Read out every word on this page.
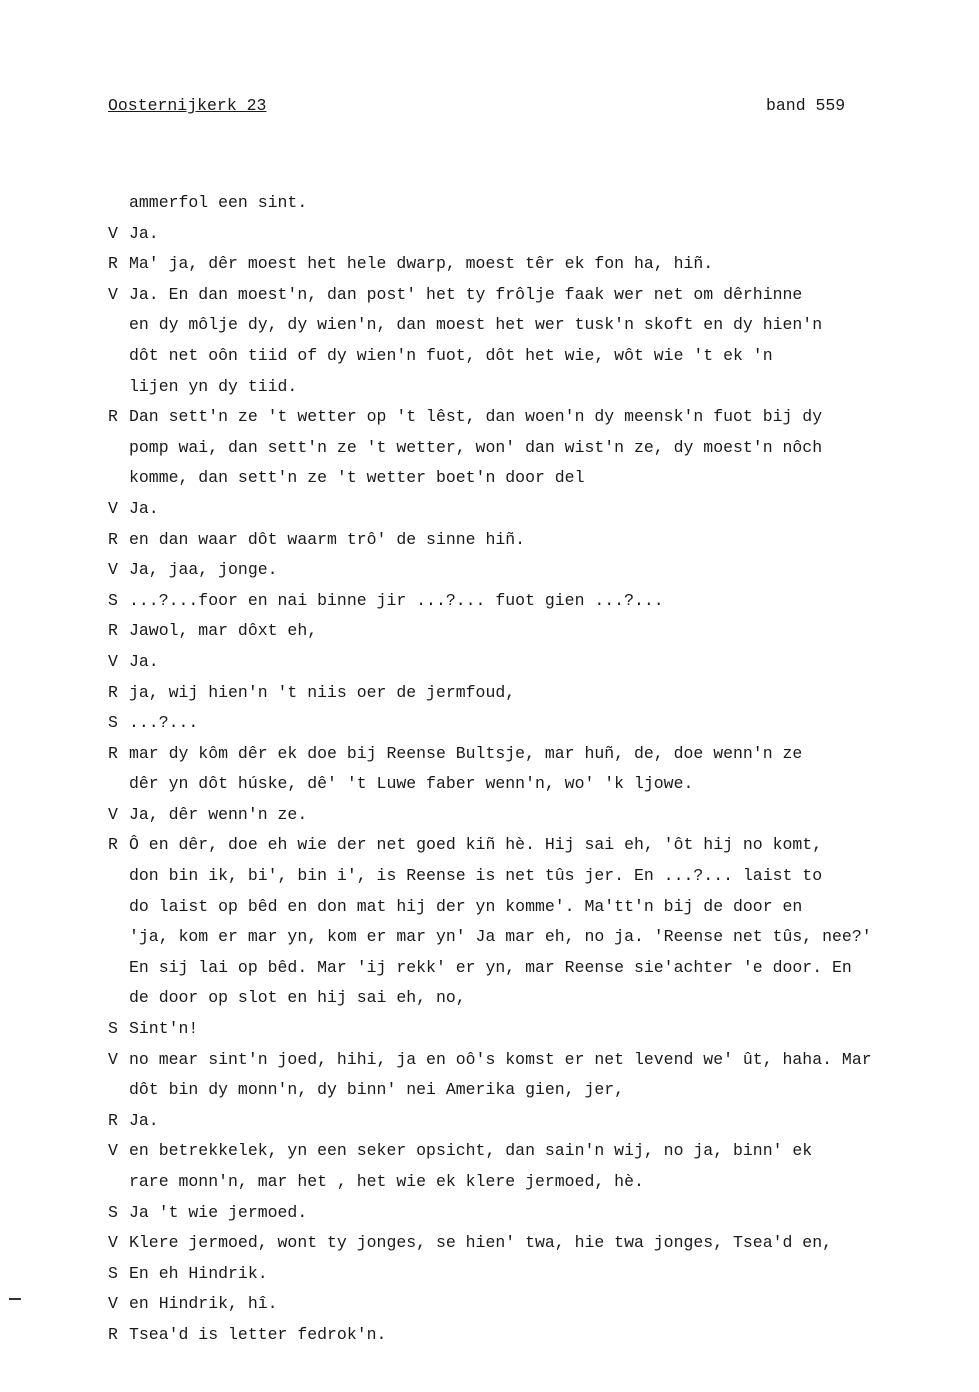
Oosternijkerk 23	band 559
ammerfol een sint.
V Ja.
R Ma' ja, dêr moest het hele dwarp, moest têr ek fon ha, hiñ.
V Ja. En dan moest'n, dan post' het ty frôlje faak wer net om dêrhinne
en dy môlje dy, dy wien'n, dan moest het wer tusk'n skoft en dy hien'n
dôt net oôn tiid of dy wien'n fuot, dôt het wie, wôt wie 't ek 'n
lijen yn dy tiid.
R Dan sett'n ze 't wetter op 't lêst, dan woen'n dy meensk'n fuot bij dy
pomp wai, dan sett'n ze 't wetter, won' dan wist'n ze, dy moest'n nôch
komme, dan sett'n ze 't wetter boet'n door del
V Ja.
R en dan waar dôt waarm trô' de sinne hiñ.
V Ja, jaa, jonge.
S ...?...foor en nai binne jir ...?... fuot gien ...?...
R Jawol, mar dôxt eh,
V Ja.
R ja, wij hien'n 't niis oer de jermfoud,
S ...?...
R mar dy kôm dêr ek doe bij Reense Bultsje, mar huñ, de, doe wenn'n ze
dêr yn dôt húske, dê' 't Luwe faber wenn'n, wo' 'k ljowe.
V Ja, dêr wenn'n ze.
R Ô en dêr, doe eh wie der net goed kiñ hè. Hij sai eh, 'ôt hij no komt,
don bin ik, bi', bin i', is Reense is net tûs jer. En ...?... laist to
do laist op bêd en don mat hij der yn komme'. Ma'tt'n bij de door en
'ja, kom er mar yn, kom er mar yn' Ja mar eh, no ja. 'Reense net tûs, nee?'
En sij lai op bêd. Mar 'ij rekk' er yn, mar Reense sie'achter 'e door. En
de door op slot en hij sai eh, no,
S Sint'n!
V no mear sint'n joed, hihi, ja en oô's komst er net levend we' ût, haha. Mar
dôt bin dy monn'n, dy binn' nei Amerika gien, jer,
R Ja.
V en betrekkelek, yn een seker opsicht, dan sain'n wij, no ja, binn' ek
rare monn'n, mar het , het wie ek klere jermoed, hè.
S Ja 't wie jermoed.
V Klere jermoed, wont ty jonges, se hien' twa, hie twa jonges, Tsea'd en,
S En eh Hindrik.
V en Hindrik, hî.
R Tsea'd is letter fedrok'n.
